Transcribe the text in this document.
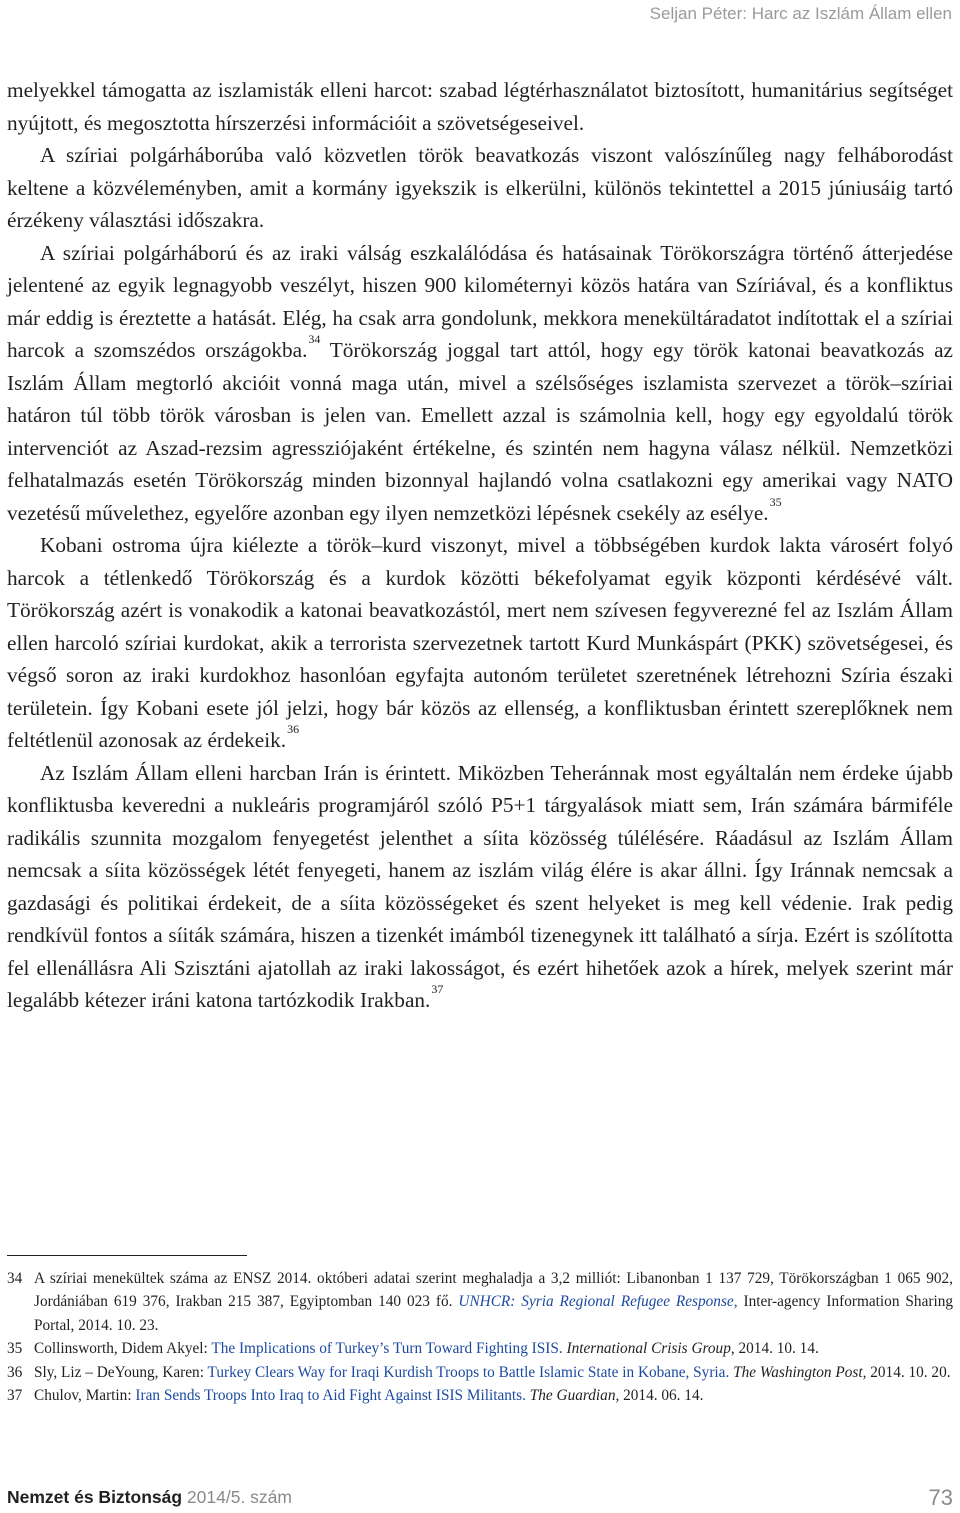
Seljan Péter: Harc az Iszlám Állam ellen

melyekkel támogatta az iszlamisták elleni harcot: szabad légtérhasználatot biztosított, humanitárius segítséget nyújtott, és megosztotta hírszerzési információit a szövetségeseivel.

A szíriai polgárháborúba való közvetlen török beavatkozás viszont valószínűleg nagy felháborodást keltene a közvéleményben, amit a kormány igyekszik is elkerülni, különös tekintettel a 2015 júniusáig tartó érzékeny választási időszakra.

A szíriai polgárháború és az iraki válság eszkalálódása és hatásainak Törökországra történő átterjedése jelentené az egyik legnagyobb veszélyt, hiszen 900 kilométernyi közös határa van Szíriával, és a konfliktus már eddig is éreztette a hatását. Elég, ha csak arra gondolunk, mekkora menekültáradatot indítottak el a szíriai harcok a szomszédos országokba.$^{34}$ Törökország joggal tart attól, hogy egy török katonai beavatkozás az Iszlám Állam megtorló akcióit vonná maga után, mivel a szélsőséges iszlamista szervezet a török–szíriai határon túl több török városban is jelen van. Emellett azzal is számolnia kell, hogy egy egyoldalú török intervenciót az Aszad-rezsim agressziójaként értékelne, és szintén nem hagyna válasz nélkül. Nemzetközi felhatalmazás esetén Törökország minden bizonnyal hajlandó volna csatlakozni egy amerikai vagy NATO vezetésű művelethez, egyelőre azonban egy ilyen nemzetközi lépésnek csekély az esélye.$^{35}$

Kobani ostroma újra kiélezte a török–kurd viszonyt, mivel a többségében kurdok lakta városért folyó harcok a tétlenkedő Törökország és a kurdok közötti békefolyamat egyik központi kérdésévé vált. Törökország azért is vonakodik a katonai beavatkozástól, mert nem szívesen fegyverezné fel az Iszlám Állam ellen harcoló szíriai kurdokat, akik a terrorista szervezetnek tartott Kurd Munkáspárt (PKK) szövetségesei, és végső soron az iraki kurdokhoz hasonlóan egyfajta autonóm területet szeretnének létrehozni Szíria északi területein. Így Kobani esete jól jelzi, hogy bár közös az ellenség, a konfliktusban érintett szereplőknek nem feltétlenül azonosak az érdekeik.$^{36}$

Az Iszlám Állam elleni harcban Irán is érintett. Miközben Teheránnak most egyáltalán nem érdeke újabb konfliktusba keveredni a nukleáris programjáról szóló P5+1 tárgyalások miatt sem, Irán számára bármiféle radikális szunnita mozgalom fenyegetést jelenthet a síita közösség túlélésére. Ráadásul az Iszlám Állam nemcsak a síita közösségek létét fenyegeti, hanem az iszlám világ élére is akar állni. Így Iránnak nemcsak a gazdasági és politikai érdekeit, de a síita közösségeket és szent helyeket is meg kell védenie. Irak pedig rendkívül fontos a síiták számára, hiszen a tizenkét imámból tizenegynek itt található a sírja. Ezért is szólította fel ellenállásra Ali Szisztáni ajatollah az iraki lakosságot, és ezért hihetőek azok a hírek, melyek szerint már legalább kétezer iráni katona tartózkodik Irakban.$^{37}$

34 A szíriai menekültek száma az ENSZ 2014. októberi adatai szerint meghaladja a 3,2 milliót: Libanonban 1 137 729, Törökországban 1 065 902, Jordániában 619 376, Irakban 215 387, Egyiptomban 140 023 fő. UNHCR: Syria Regional Refugee Response, Inter-agency Information Sharing Portal, 2014. 10. 23.
35 Collinsworth, Didem Akyel: The Implications of Turkey’s Turn Toward Fighting ISIS. International Crisis Group, 2014. 10. 14.
36 Sly, Liz – DeYoung, Karen: Turkey Clears Way for Iraqi Kurdish Troops to Battle Islamic State in Kobane, Syria. The Washington Post, 2014. 10. 20.
37 Chulov, Martin: Iran Sends Troops Into Iraq to Aid Fight Against ISIS Militants. The Guardian, 2014. 06. 14.
Nemzet és Biztonság 2014/5. szám	73
